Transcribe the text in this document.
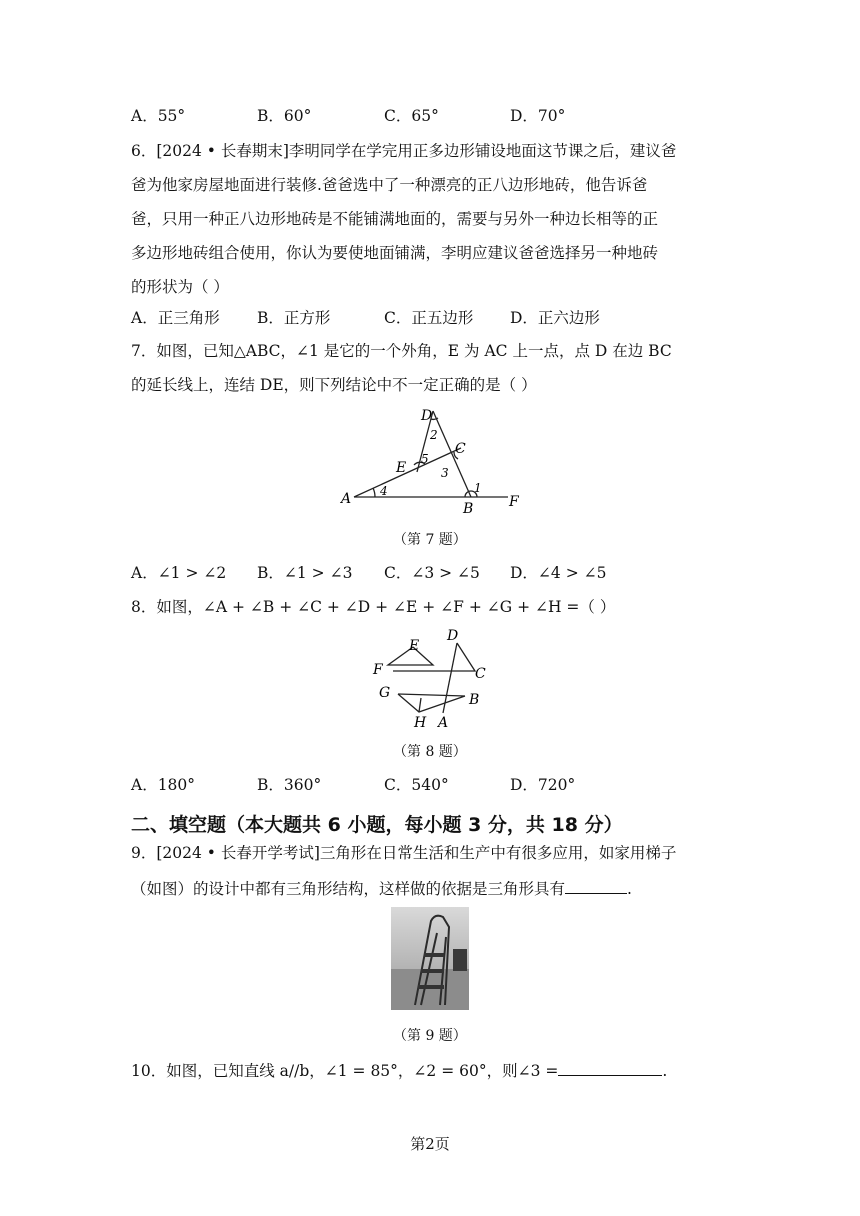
A．55°	B．60°	C．65°	D．70°
6．[2024 • 长春期末]李明同学在学完用正多边形铺设地面这节课之后，建议爸
爸为他家房屋地面进行装修.爸爸选中了一种漂亮的正八边形地砖，他告诉爸
爸，只用一种正八边形地砖是不能铺满地面的，需要与另外一种边长相等的正
多边形地砖组合使用，你认为要使地面铺满，李明应建议爸爸选择另一种地砖
的形状为（ ）
A．正三角形 B．正方形	C．正五边形 D．正六边形
7．如图，已知△ABC，∠1 是它的一个外角，E 为 AC 上一点，点 D 在边 BC
的延长线上，连结 DE，则下列结论中不一定正确的是（ ）
D
C
E
A
B	F
1
2
3
4
5
（第 7 题）
A．∠1 > ∠2 B．∠1 > ∠3 C．∠3 > ∠5 D．∠4 > ∠5
8．如图，∠A + ∠B + ∠C + ∠D + ∠E + ∠F + ∠G + ∠H =（ ）
E
D
F	C
G	B
H A
（第 8 题）
A．180°	B．360°	C．540°	D．720°
二、填空题（本大题共 6 小题，每小题 3 分，共 18 分）
9．[2024 • 长春开学考试]三角形在日常生活和生产中有很多应用，如家用梯子
（如图）的设计中都有三角形结构，这样做的依据是三角形具有	.
（第 9 题）
10．如图，已知直线 a//b，∠1 = 85°，∠2 = 60°，则∠3 =	.
第2页
